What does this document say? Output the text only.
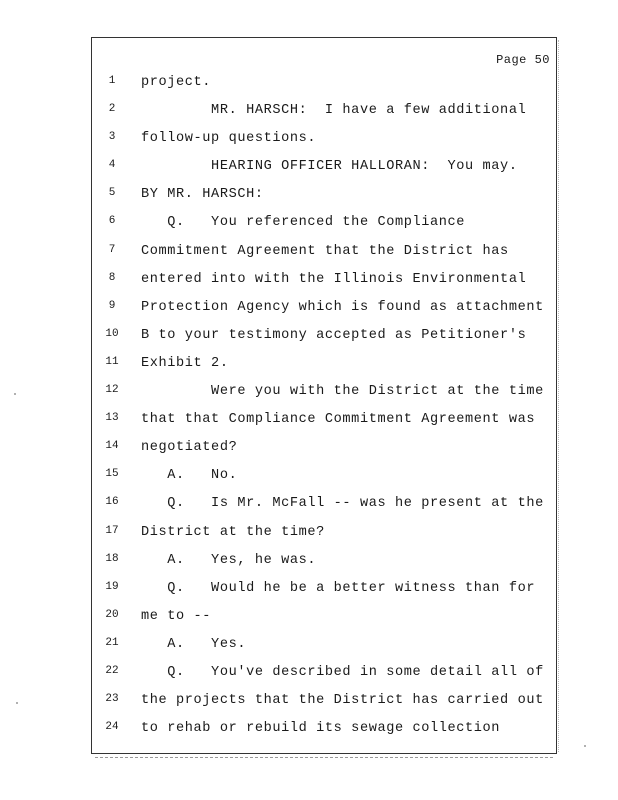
Page 50
1	project.
2	MR. HARSCH:  I have a few additional
3	follow-up questions.
4	HEARING OFFICER HALLORAN:  You may.
5	BY MR. HARSCH:
6	Q.   You referenced the Compliance
7	Commitment Agreement that the District has
8	entered into with the Illinois Environmental
9	Protection Agency which is found as attachment
10 B to your testimony accepted as Petitioner's
11 Exhibit 2.
12 Were you with the District at the time
13 that that Compliance Commitment Agreement was
14 negotiated?
15 A.   No.
16 Q.   Is Mr. McFall -- was he present at the
17 District at the time?
18 A.   Yes, he was.
19 Q.   Would he be a better witness than for
20 me to --
21 A.   Yes.
22 Q.   You've described in some detail all of
23 the projects that the District has carried out
24 to rehab or rebuild its sewage collection
